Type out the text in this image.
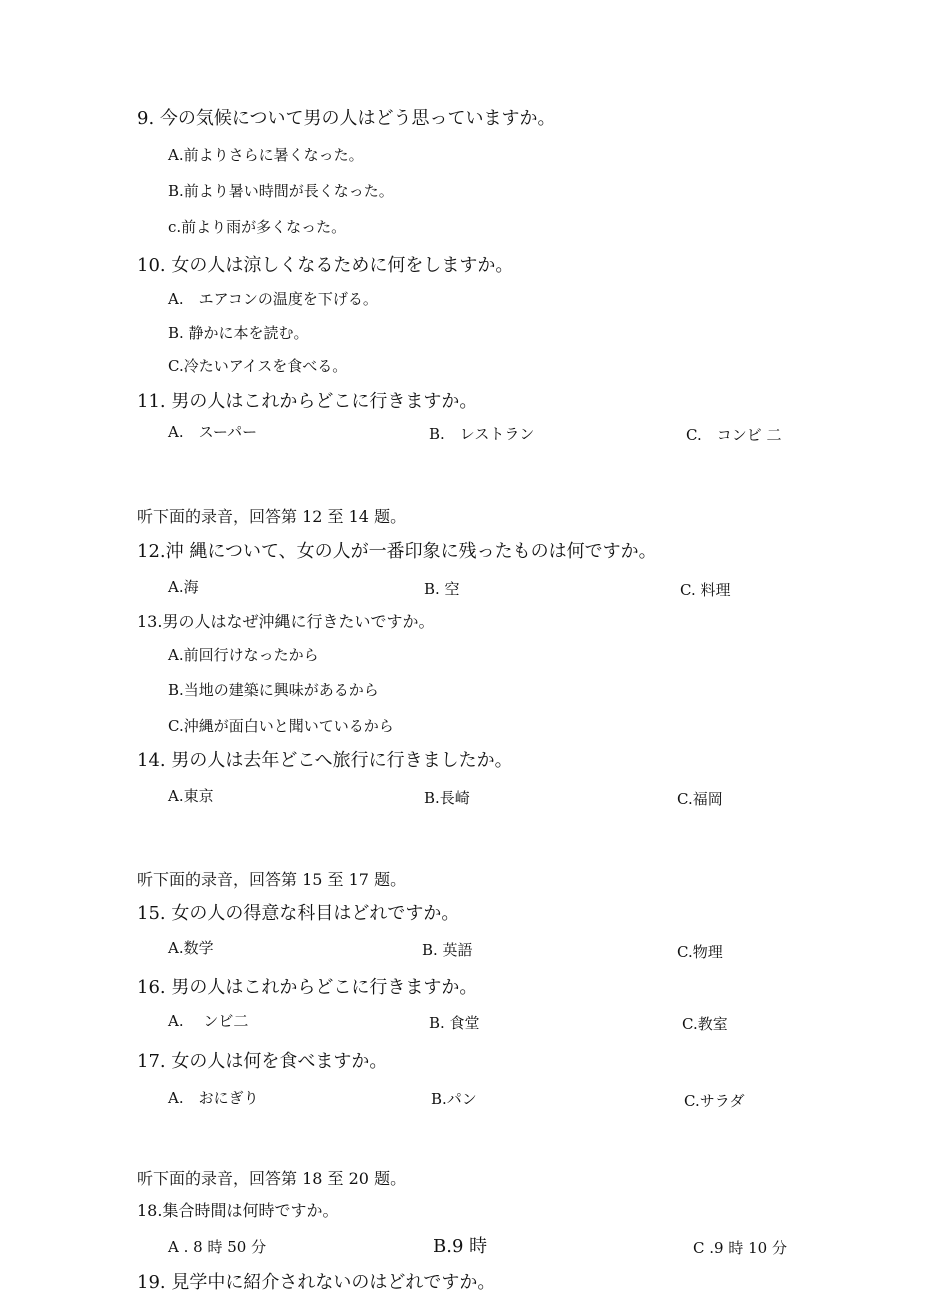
9. 今の気候について男の人はどう思っていますか。
A.前よりさらに暑くなった。
B.前より暑い時間が長くなった。
c.前より雨が多くなった。
10. 女の人は涼しくなるために何をしますか。
A.　エアコンの温度を下げる。
B. 静かに本を読む。
C.冷たいアイスを食べる。
11. 男の人はこれからどこに行きますか。
A.　スーパー	B.　レストラン	C.　コンビ 二
听下面的录音，回答第 12 至 14 题。
12.沖 縄について、女の人が一番印象に残ったものは何ですか。
A.海	B. 空	C. 料理
13.男の人はなぜ沖縄に行きたいですか。
A.前回行けなったから
B.当地の建築に興味があるから
C.沖縄が面白いと聞いているから
14. 男の人は去年どこへ旅行に行きましたか。
A.東京	B.長崎	C.福岡
听下面的录音，回答第 15 至 17 题。
15. 女の人の得意な科目はどれですか。
A.数学	B. 英語	C.物理
16. 男の人はこれからどこに行きますか。
A.　 ンビ二	B. 食堂	C.教室
17. 女の人は何を食べますか。
A.　おにぎり	B.パン	C.サラダ
听下面的录音，回答第 18 至 20 题。
18.集合時間は何時ですか。
A . 8 時 50 分	B.9 時	C .9 時 10 分
19. 見学中に紹介されないのはどれですか。
